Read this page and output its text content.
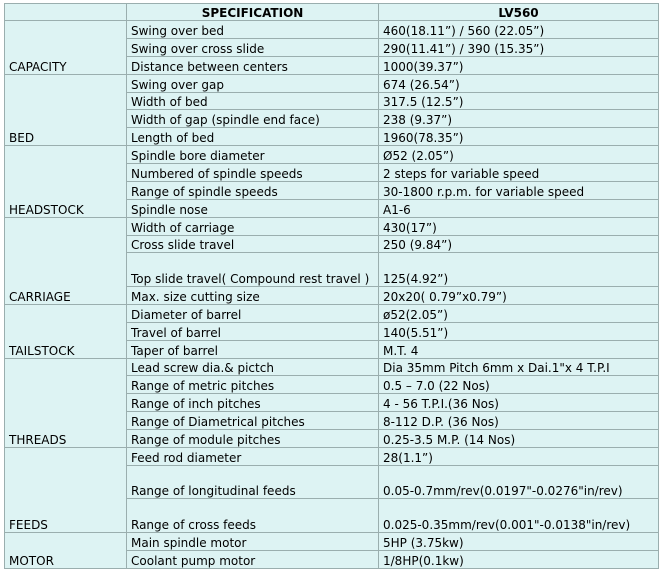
	SPECIFICATION	LV560
CAPACITY	Swing over bed	460(18.11”) / 560 (22.05”)
	Swing over cross slide	290(11.41”) / 390 (15.35”)
	Distance between centers	1000(39.37”)
BED	Swing over gap	674 (26.54”)
	Width of bed	317.5 (12.5”)
	Width of gap (spindle end face)	238 (9.37”)
	Length of bed	1960(78.35”)
HEADSTOCK	Spindle bore diameter	Ø52 (2.05”)
	Numbered of spindle speeds	2 steps for variable speed
	Range of spindle speeds	30-1800 r.p.m. for variable speed
	Spindle nose	A1-6
CARRIAGE	Width of carriage	430(17”)
	Cross slide travel	250 (9.84”)
	Top slide travel( Compound rest travel )	125(4.92”)
	Max. size cutting size	20x20( 0.79”x0.79”)
TAILSTOCK	Diameter of barrel	ø52(2.05”)
	Travel of barrel	140(5.51”)
	Taper of barrel	M.T. 4
THREADS	Lead screw dia.& pictch	Dia 35mm Pitch 6mm x Dai.1"x 4 T.P.I
	Range of metric pitches	0.5 – 7.0 (22 Nos)
	Range of inch pitches	4 - 56 T.P.I.(36 Nos)
	Range of Diametrical pitches	8-112 D.P. (36 Nos)
	Range of module pitches	0.25-3.5 M.P. (14 Nos)
FEEDS	Feed rod diameter	28(1.1”)
	Range of longitudinal feeds	0.05-0.7mm/rev(0.0197"-0.0276"in/rev)
	Range of cross feeds	0.025-0.35mm/rev(0.001"-0.0138"in/rev)
MOTOR	Main spindle motor	5HP (3.75kw)
	Coolant pump motor	1/8HP(0.1kw)
